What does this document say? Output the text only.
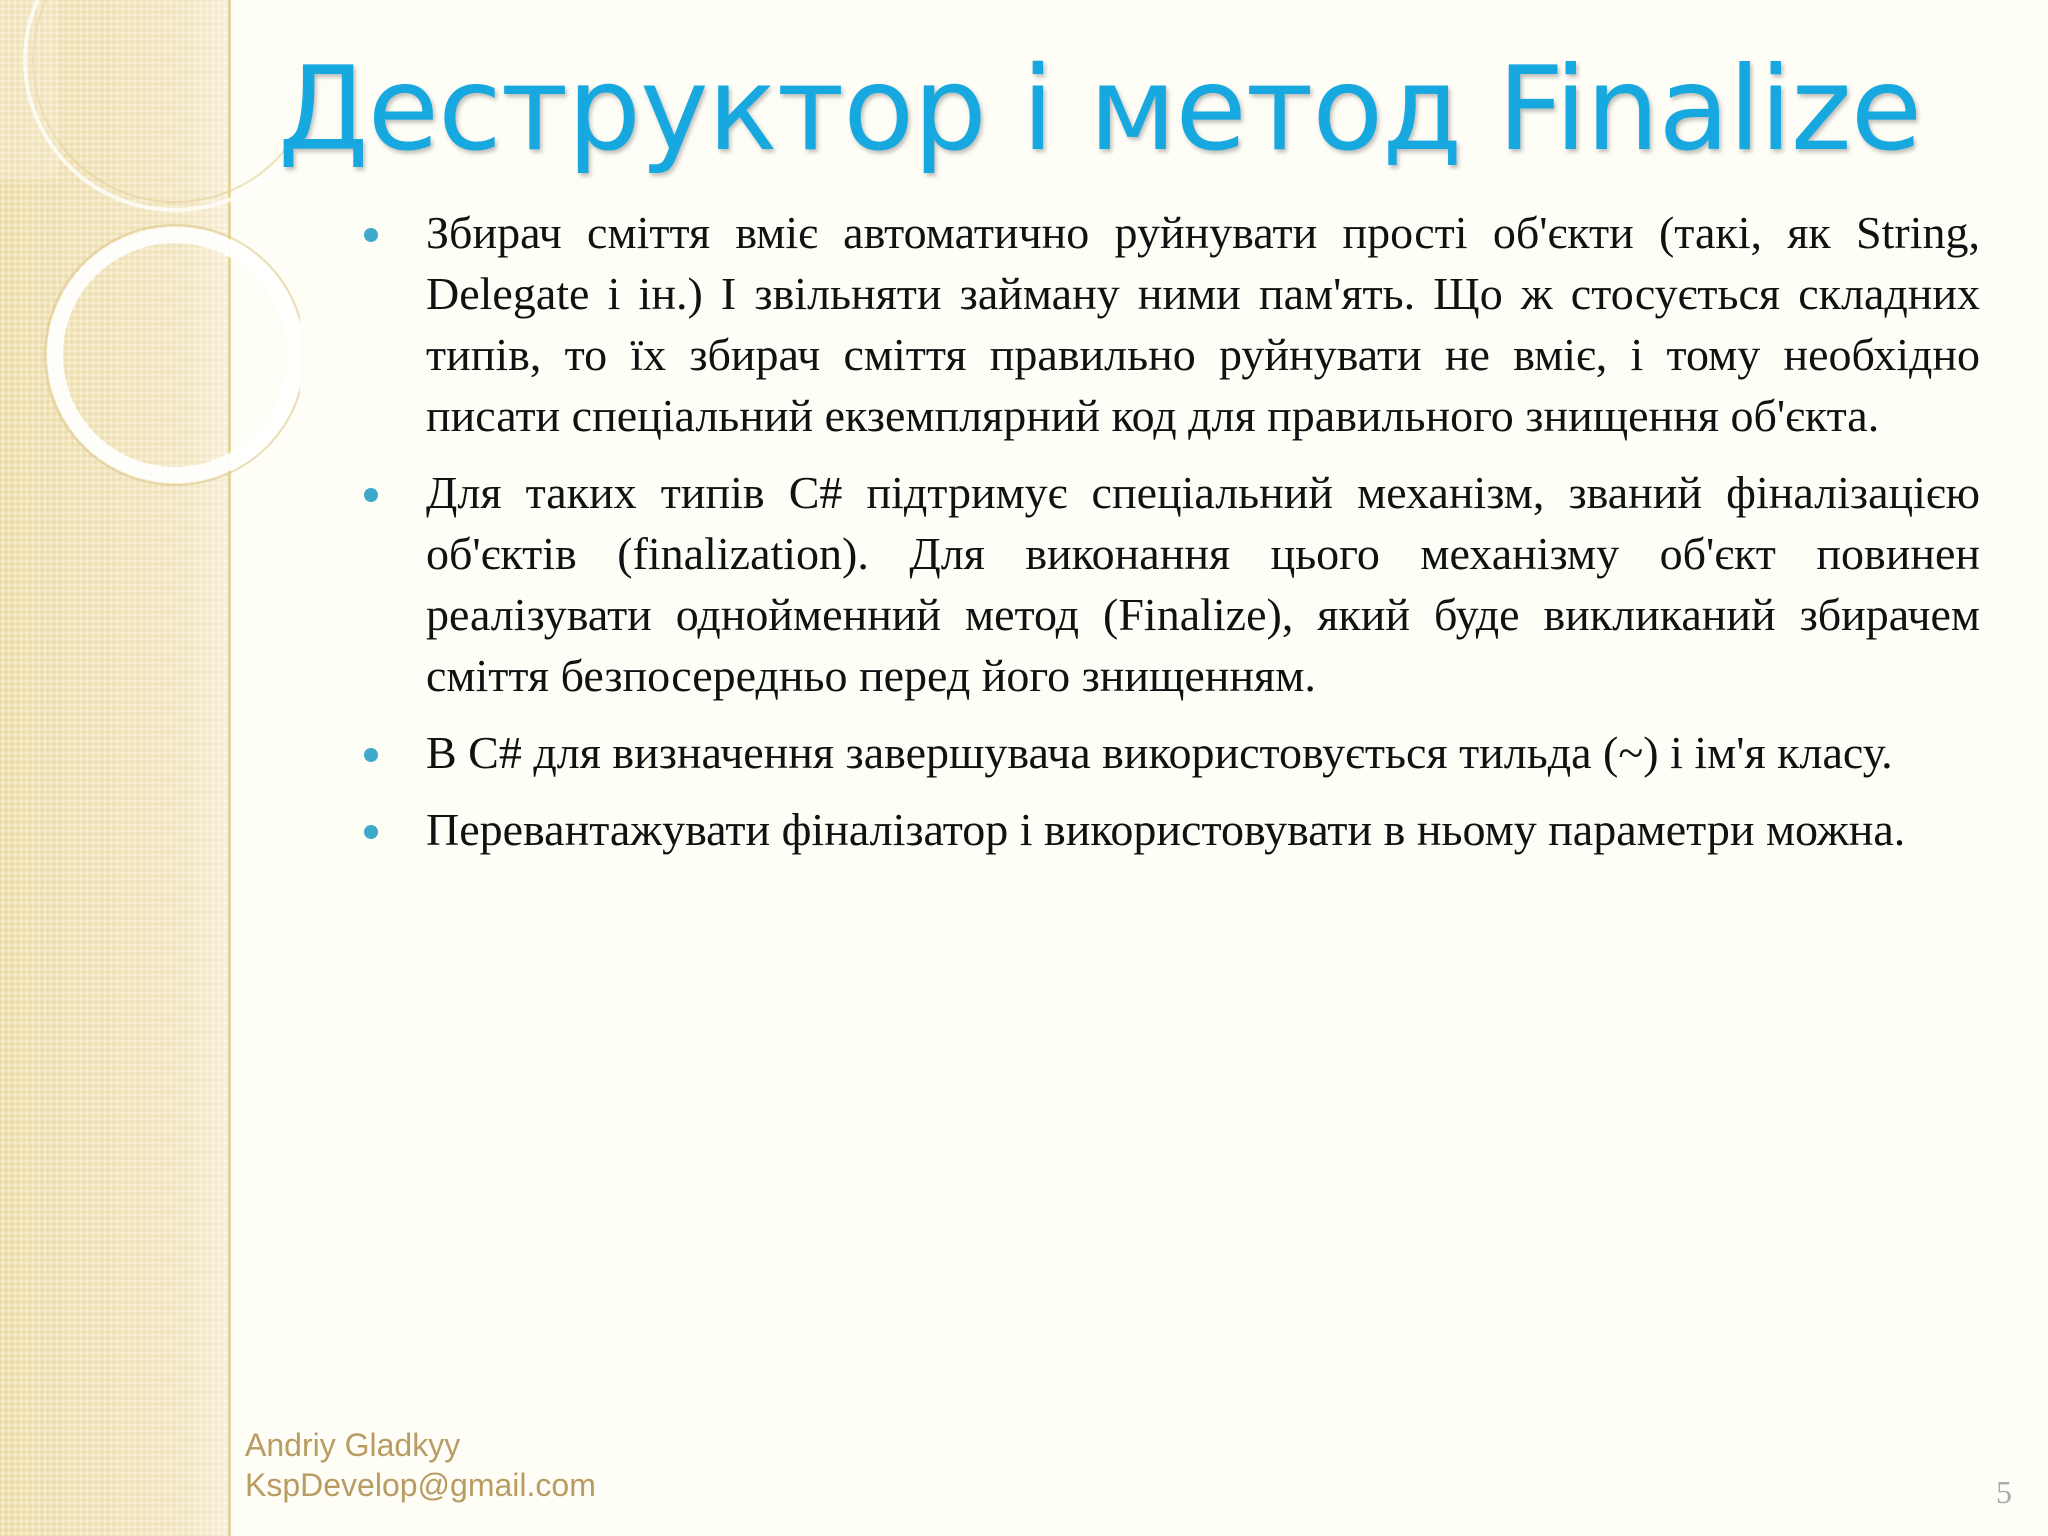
Деструктор і метод Finalize
Збирач сміття вміє автоматично руйнувати прості об'єкти (такі, як String, Delegate і ін.) І звільняти займану ними пам'ять. Що ж стосується складних типів, то їх збирач сміття правильно руйнувати не вміє, і тому необхідно писати спеціальний екземплярний код для правильного знищення об'єкта.
Для таких типів C# підтримує спеціальний механізм, званий фіналізацією об'єктів (finalization). Для виконання цього механізму об'єкт повинен реалізувати однойменний метод (Finalize), який буде викликаний збирачем сміття безпосередньо перед його знищенням.
В C# для визначення завершувача використовується тильда (~) і ім'я класу.
Перевантажувати фіналізатор і використовувати в ньому параметри можна.
Andriy Gladkyy
KspDevelop@gmail.com	5
